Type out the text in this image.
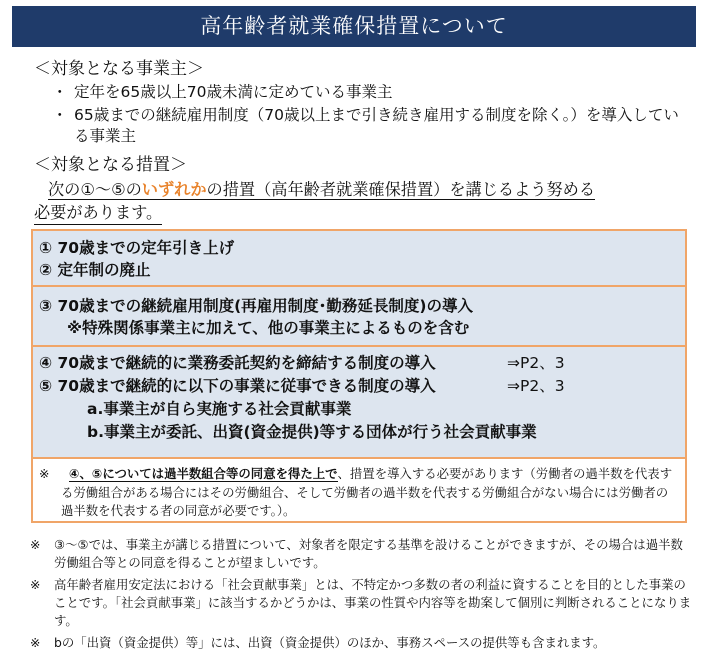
高年齢者就業確保措置について
＜対象となる事業主＞
・ 定年を65歳以上70歳未満に定めている事業主
・ 65歳までの継続雇用制度（70歳以上まで引き続き雇用する制度を除く。）を導入している事業主
＜対象となる措置＞
次の①～⑤のいずれかの措置（高年齢者就業確保措置）を講じるよう努める
必要があります。
① 70歳までの定年引き上げ
② 定年制の廃止
③ 70歳までの継続雇用制度(再雇用制度･勤務延長制度)の導入
※特殊関係事業主に加えて、他の事業主によるものを含む
④ 70歳まで継続的に業務委託契約を締結する制度の導入	⇒P2、3
⑤ 70歳まで継続的に以下の事業に従事できる制度の導入	⇒P2、3
a.事業主が自ら実施する社会貢献事業
b.事業主が委託、出資(資金提供)等する団体が行う社会貢献事業
※	④、⑤については過半数組合等の同意を得た上で、措置を導入する必要があります（労働者の過半数を代表する労働組合がある場合にはその労働組合、そして労働者の過半数を代表する労働組合がない場合には労働者の過半数を代表する者の同意が必要です。）。
※	③～⑤では、事業主が講じる措置について、対象者を限定する基準を設けることができますが、その場合は過半数労働組合等との同意を得ることが望ましいです。
※	高年齢者雇用安定法における「社会貢献事業」とは、不特定かつ多数の者の利益に資することを目的とした事業のことです。「社会貢献事業」に該当するかどうかは、事業の性質や内容等を勘案して個別に判断されることになります。
※	bの「出資（資金提供）等」には、出資（資金提供）のほか、事務スペースの提供等も含まれます。
